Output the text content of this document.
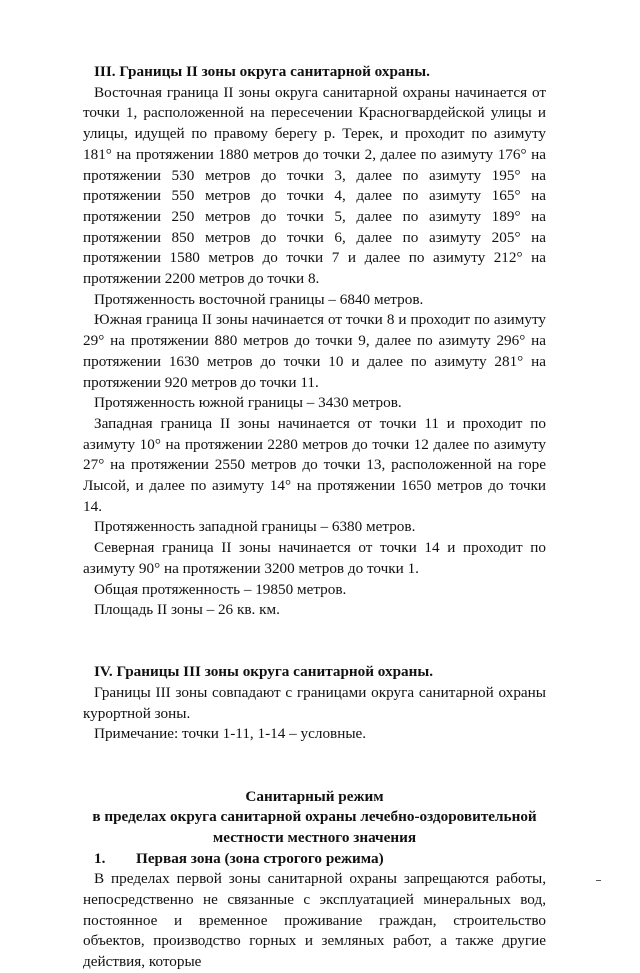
III. Границы II зоны округа санитарной охраны.

Восточная граница II зоны округа санитарной охраны начинается от точки 1, расположенной на пересечении Красногвардейской улицы и улицы, идущей по правому берегу р. Терек, и проходит по азимуту 181° на протяжении 1880 метров до точки 2, далее по азимуту 176° на протяжении 530 метров до точки 3, далее по азимуту 195° на протяжении 550 метров до точки 4, далее по азимуту 165° на протяжении 250 метров до точки 5, далее по азимуту 189° на протяжении 850 метров до точки 6, далее по азимуту 205° на протяжении 1580 метров до точки 7 и далее по азимуту 212° на протяжении 2200 метров до точки 8.

Протяженность восточной границы – 6840 метров.

Южная граница II зоны начинается от точки 8 и проходит по азимуту 29° на протяжении 880 метров до точки 9, далее по азимуту 296° на протяжении 1630 метров до точки 10 и далее по азимуту 281° на протяжении 920 метров до точки 11.

Протяженность южной границы – 3430 метров.

Западная граница II зоны начинается от точки 11 и проходит по азимуту 10° на протяжении 2280 метров до точки 12 далее по азимуту 27° на протяжении 2550 метров до точки 13, расположенной на горе Лысой, и далее по азимуту 14° на протяжении 1650 метров до точки 14.

Протяженность западной границы – 6380 метров.

Северная граница II зоны начинается от точки 14 и проходит по азимуту 90° на протяжении 3200 метров до точки 1.

Общая протяженность – 19850 метров.

Площадь II зоны – 26 кв. км.

IV. Границы III зоны округа санитарной охраны.

Границы III зоны совпадают с границами округа санитарной охраны курортной зоны.

Примечание: точки 1-11, 1-14 – условные.

Санитарный режим

в пределах округа санитарной охраны лечебно-оздоровительной

местности местного значения

1. Первая зона (зона строгого режима)

В пределах первой зоны санитарной охраны запрещаются работы, непосредственно не связанные с эксплуатацией минеральных вод, постоянное и временное проживание граждан, строительство объектов, производство горных и земляных работ, а также другие действия, которые
